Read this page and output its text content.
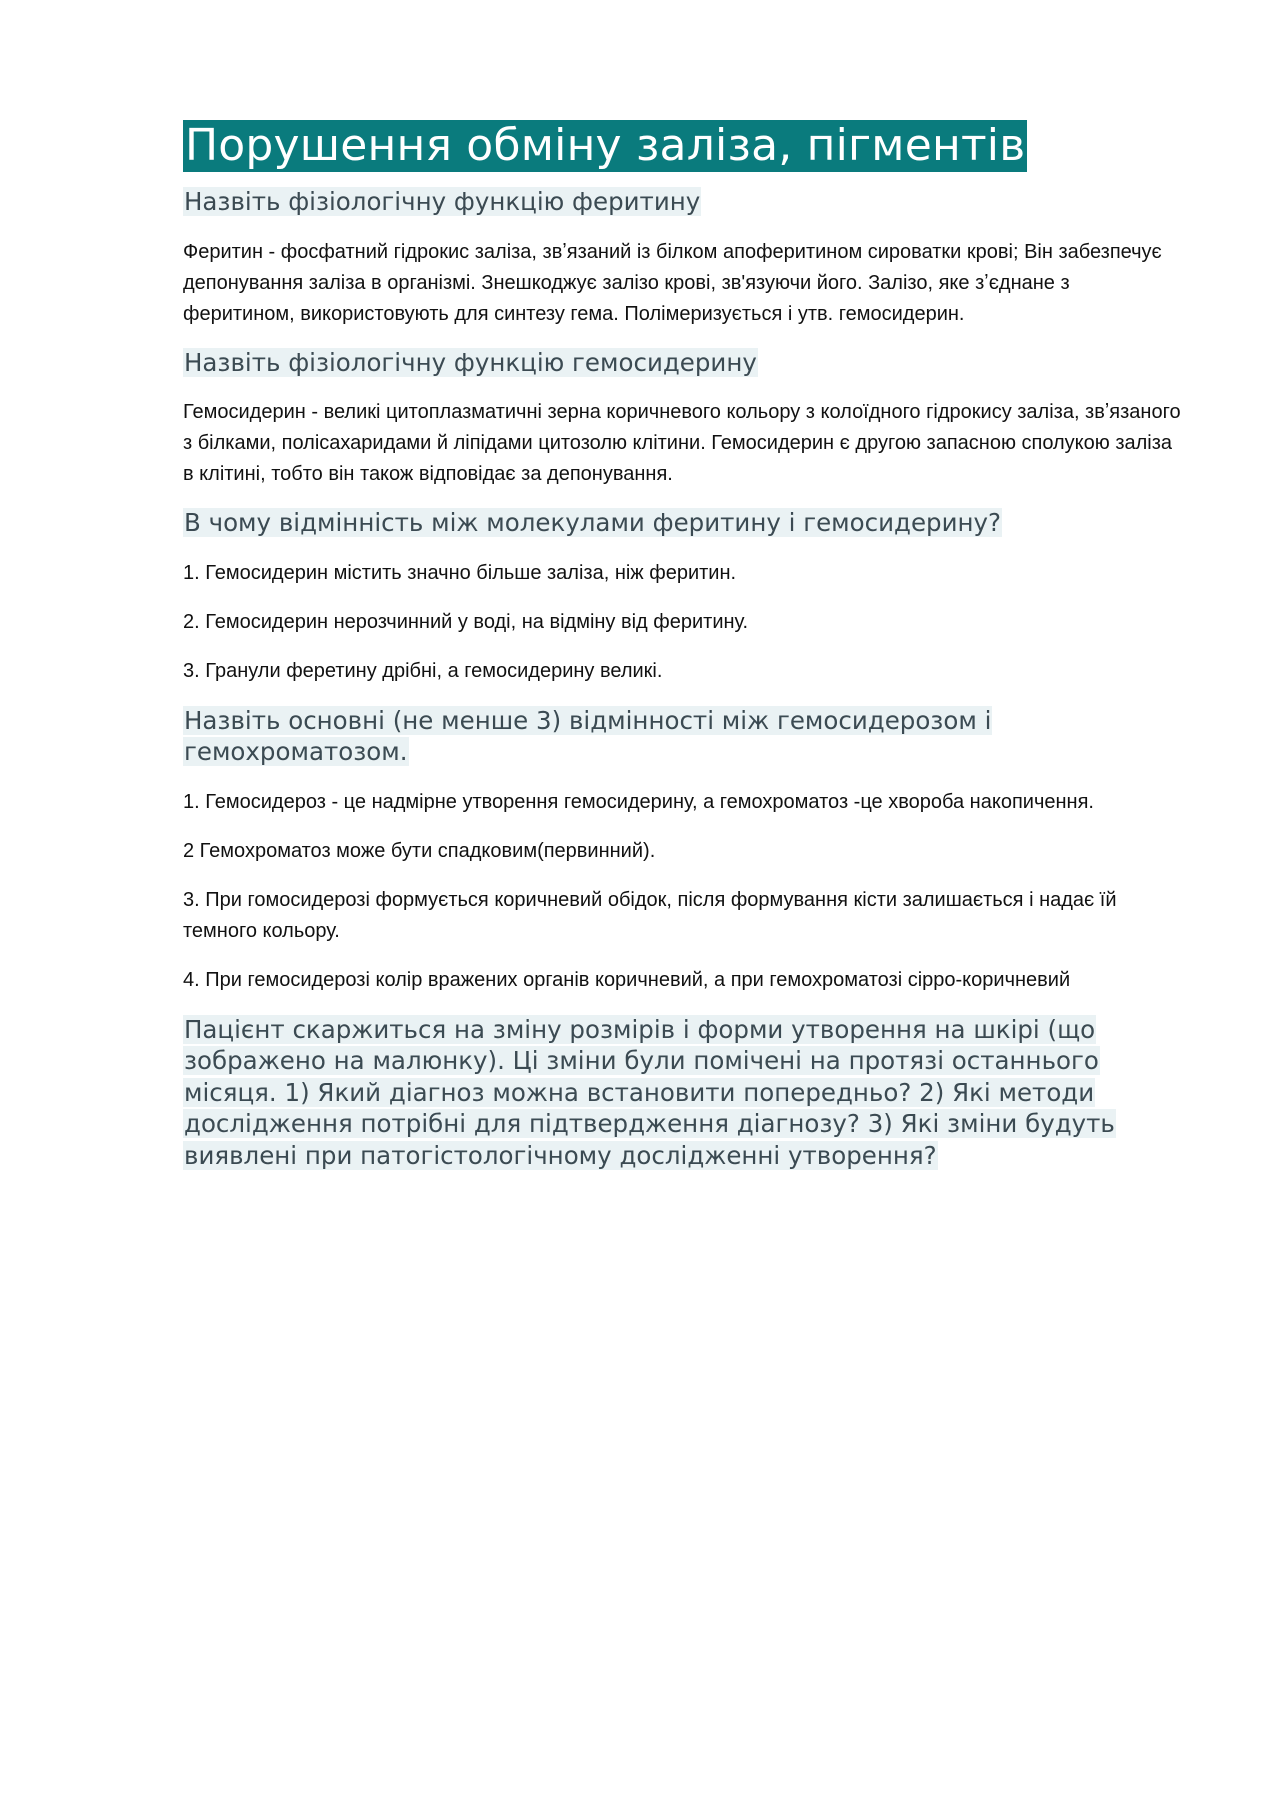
Порушення обміну заліза, пігментів
Назвіть фізіологічну функцію феритину

Феритин - фосфатний гідрокис заліза, звʼязаний із білком апоферитином сироватки крові; Він забезпечує депонування заліза в організмі. Знешкоджує залізо крові, зв'язуючи його. Залізо, яке зʼєднане з феритином, використовують для синтезу гема. Полімеризується і утв. гемосидерин.

Назвіть фізіологічну функцію гемосидерину

Гемосидерин - великі цитоплазматичні зерна коричневого кольору з колоїдного гідрокису заліза, звʼязаного з білками, полісахаридами й ліпідами цитозолю клітини. Гемосидерин є другою запасною сполукою заліза в клітині, тобто він також відповідає за депонування.

В чому відмінність між молекулами феритину і гемосидерину?

1. Гемосидерин містить значно більше заліза, ніж феритин.

2. Гемосидерин нерозчинний у воді, на відміну від феритину.

3. Гранули феретину дрібні, а гемосидерину великі.

Назвіть основні (не менше 3) відмінності між гемосидерозом і гемохроматозом.

1. Гемосидероз - це надмірне утворення гемосидерину, а гемохроматоз -це хвороба накопичення.

2 Гемохроматоз може бути спадковим(первинний).

3. При гомосидерозі формується коричневий обідок, після формування кісти залишається і надає їй темного кольору.

4. При гемосидерозі колір вражених органів коричневий, а при гемохроматозі сірро-коричневий

Пацієнт скаржиться на зміну розмірів і форми утворення на шкірі (що зображено на малюнку). Ці зміни були помічені на протязі останнього місяця. 1) Який діагноз можна встановити попередньо? 2) Які методи дослідження потрібні для підтвердження діагнозу? 3) Які зміни будуть виявлені при патогістологічному дослідженні утворення?
